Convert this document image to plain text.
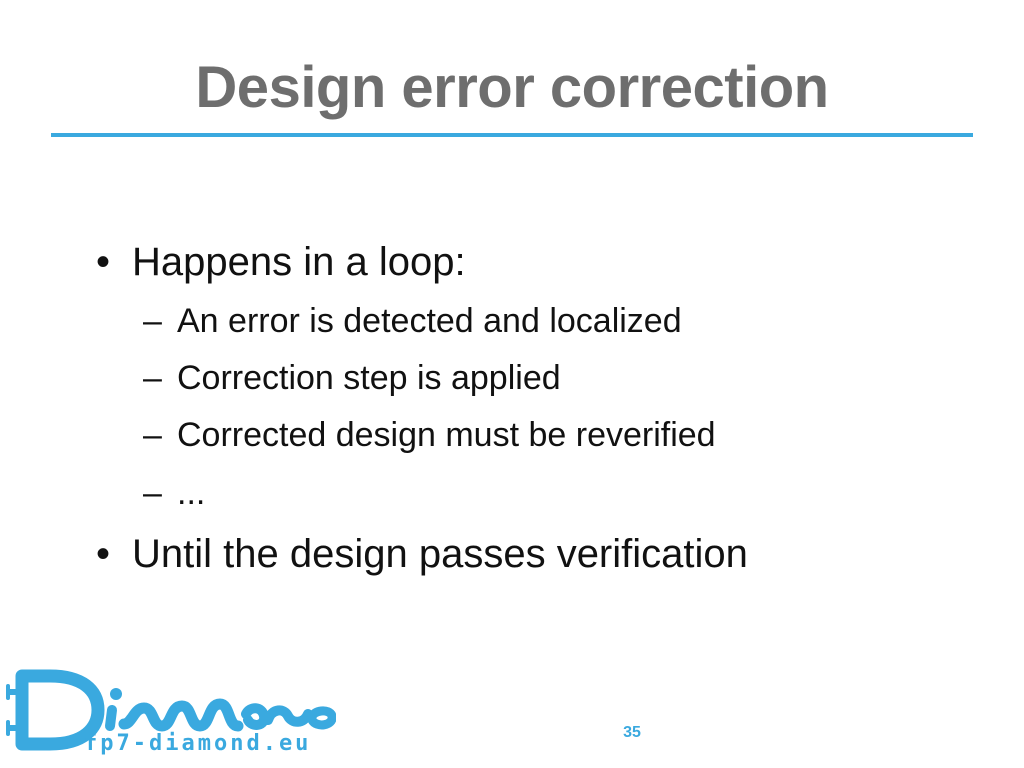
Design error correction
• Happens in a loop:
– An error is detected and localized
– Correction step is applied
– Corrected design must be reverified
– ...
• Until the design passes verification
fp7-diamond.eu	35
